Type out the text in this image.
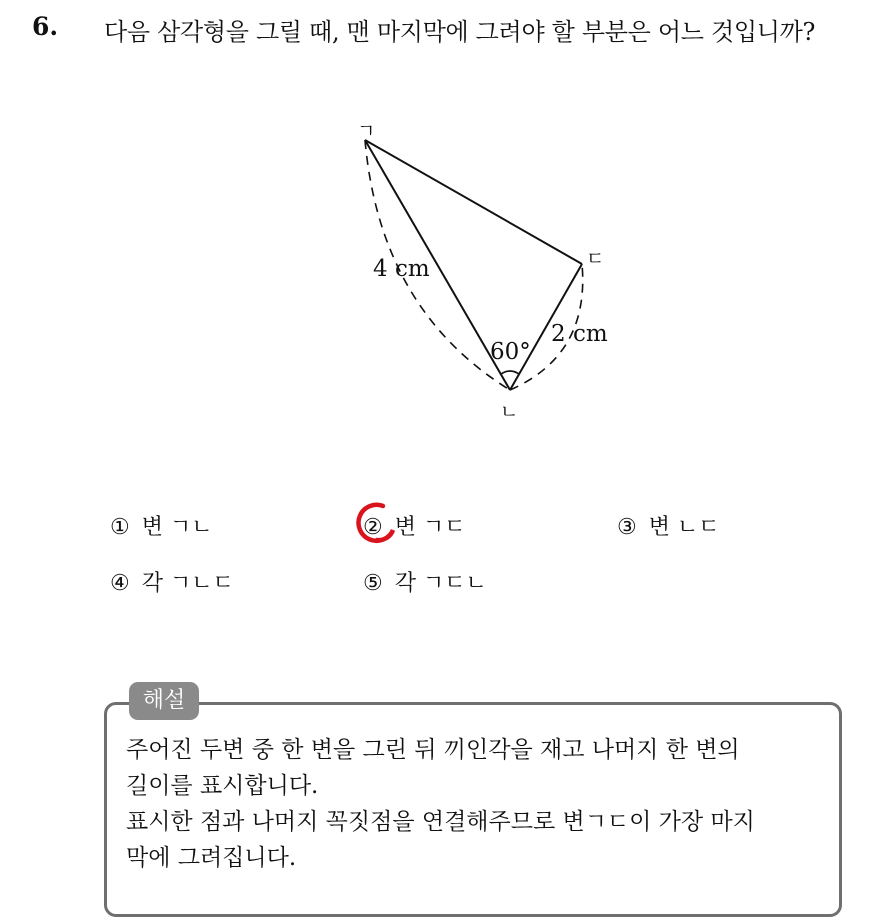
6. 다음 삼각형을 그릴 때, 맨 마지막에 그려야 할 부분은 어느 것입니까?
ㄱ
ㄷ
ㄴ
4 cm
2 cm
60°
① 변 ㄱㄴ	② 변 ㄱㄷ	③ 변 ㄴㄷ
④ 각 ㄱㄴㄷ	⑤ 각 ㄱㄷㄴ
해설
주어진 두변 중 한 변을 그린 뒤 끼인각을 재고 나머지 한 변의
길이를 표시합니다.
표시한 점과 나머지 꼭짓점을 연결해주므로 변ㄱㄷ이 가장 마지
막에 그려집니다.
